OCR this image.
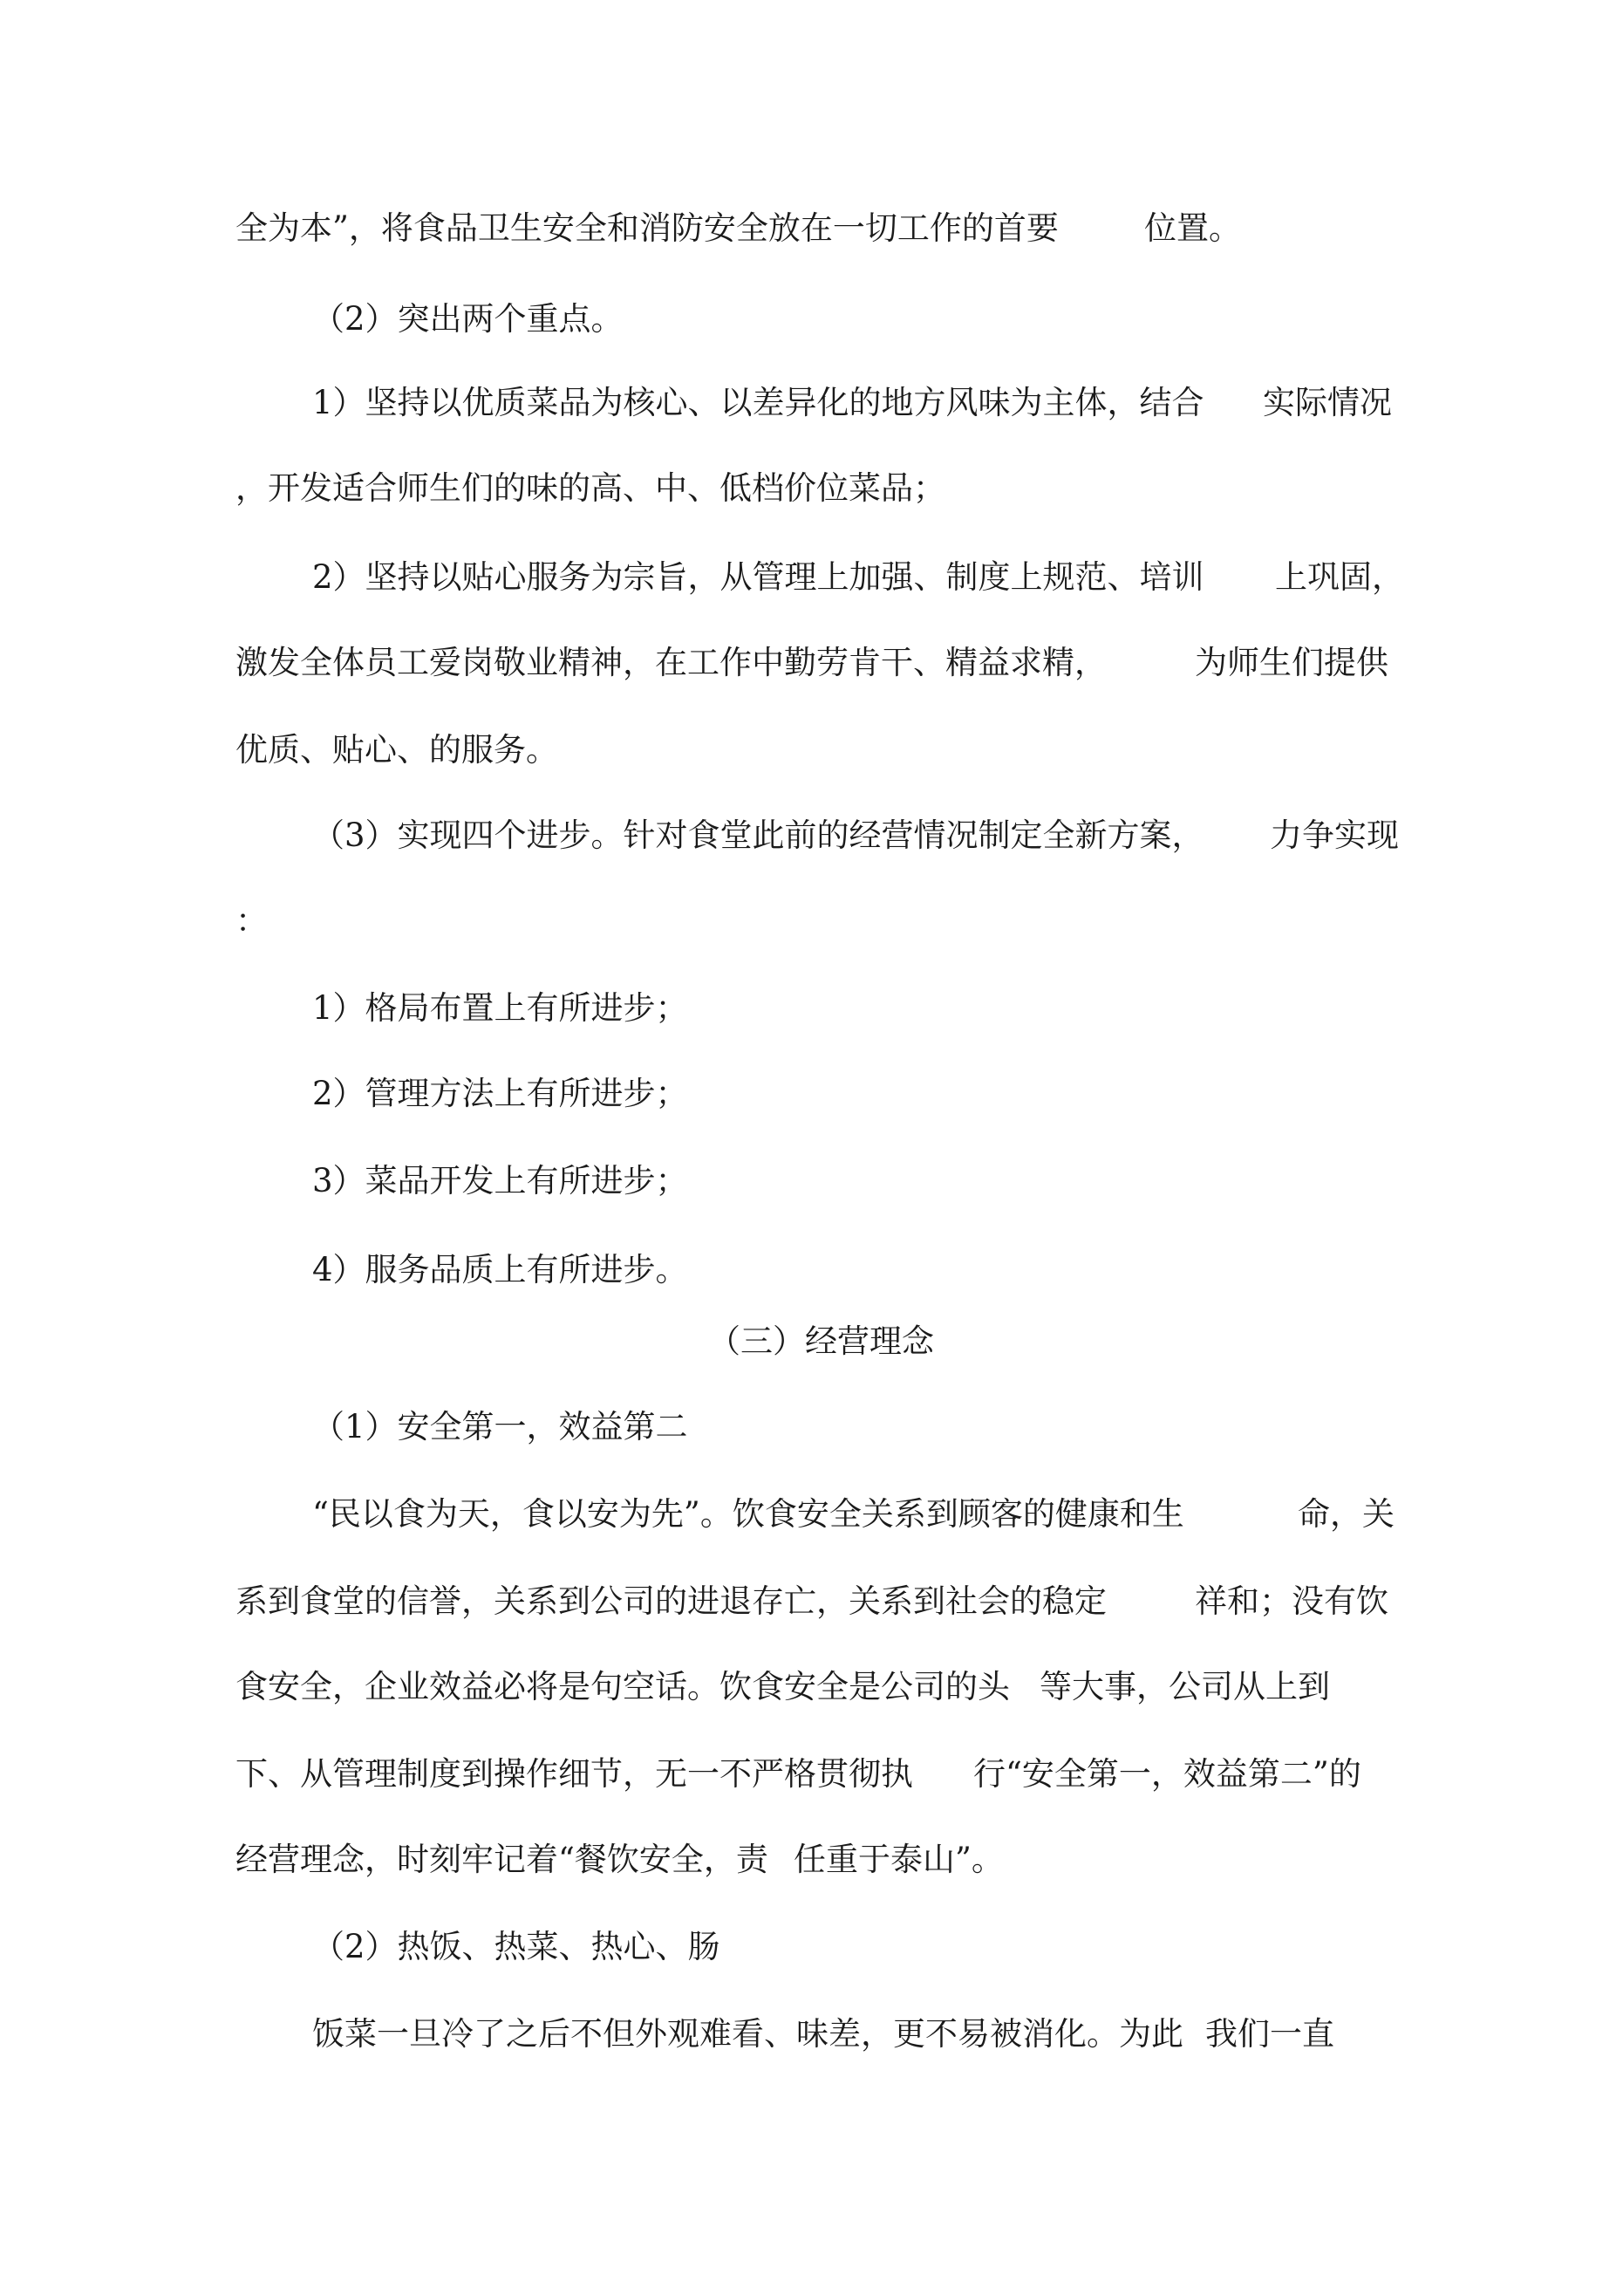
全为本”，将食品卫生安全和消防安全放在一切工作的首要	位置。
（2）突出两个重点。
1）坚持以优质菜品为核心、以差异化的地方风味为主体，结合 实际情况
，开发适合师生们的味的高、中、低档价位菜品；
2）坚持以贴心服务为宗旨，从管理上加强、制度上规范、培训 上巩固，
激发全体员工爱岗敬业精神，在工作中勤劳肯干、精益求精，	为师生们提供
优质、贴心、的服务。
（3）实现四个进步。针对食堂此前的经营情况制定全新方案， 力争实现
：
1）格局布置上有所进步；
2）管理方法上有所进步；
3）菜品开发上有所进步；
4）服务品质上有所进步。
（三）经营理念
（1）安全第一，效益第二
“民以食为天，食以安为先”。饮食安全关系到顾客的健康和生	命，关
系到食堂的信誉，关系到公司的进退存亡，关系到社会的稳定	祥和；没有饮
食安全，企业效益必将是句空话。饮食安全是公司的头 等大事，公司从上到
下、从管理制度到操作细节，无一不严格贯彻执 行“安全第一，效益第二”的
经营理念，时刻牢记着“餐饮安全，责 任重于泰山”。
（2）热饭、热菜、热心、肠
饭菜一旦冷了之后不但外观难看、味差，更不易被消化。为此 我们一直
